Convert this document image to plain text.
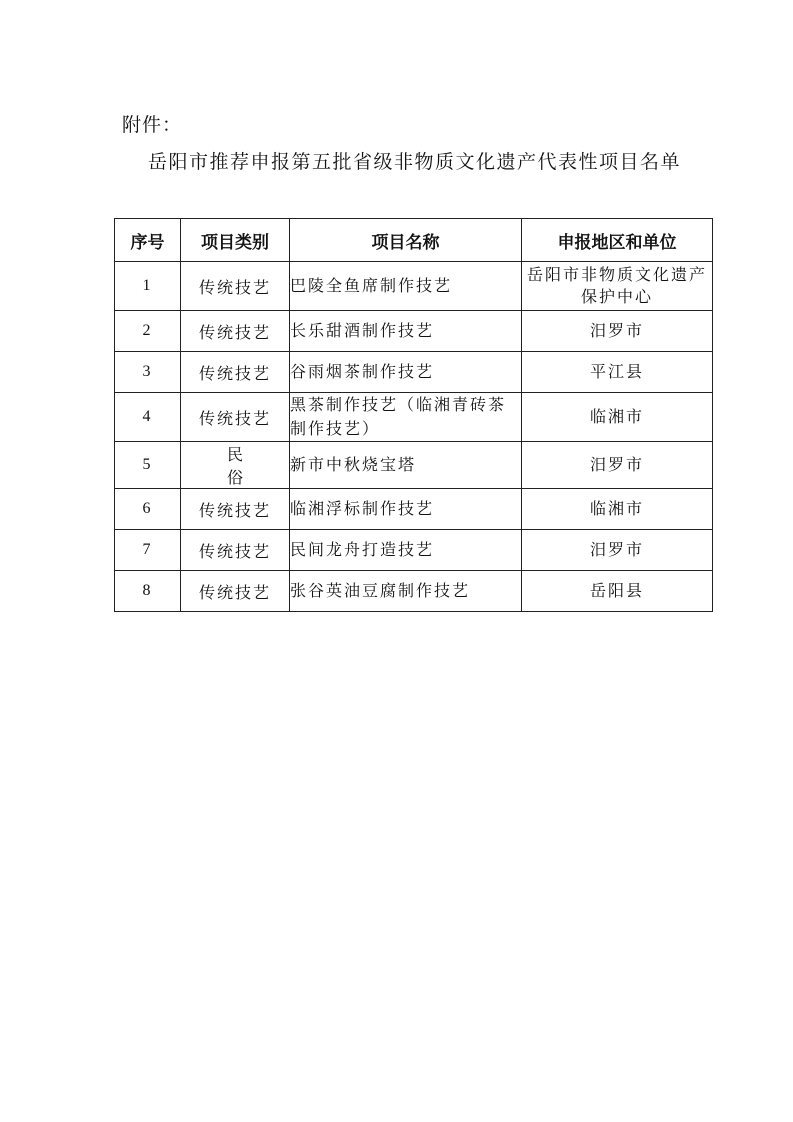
附件：
岳阳市推荐申报第五批省级非物质文化遗产代表性项目名单
序号	项目类别	项目名称	申报地区和单位
1	传统技艺	巴陵全鱼席制作技艺	岳阳市非物质文化遗产保护中心
2	传统技艺	长乐甜酒制作技艺	汨罗市
3	传统技艺	谷雨烟茶制作技艺	平江县
4	传统技艺	黑茶制作技艺（临湘青砖茶制作技艺）	临湘市
5	民俗	新市中秋烧宝塔	汨罗市
6	传统技艺	临湘浮标制作技艺	临湘市
7	传统技艺	民间龙舟打造技艺	汨罗市
8	传统技艺	张谷英油豆腐制作技艺	岳阳县
